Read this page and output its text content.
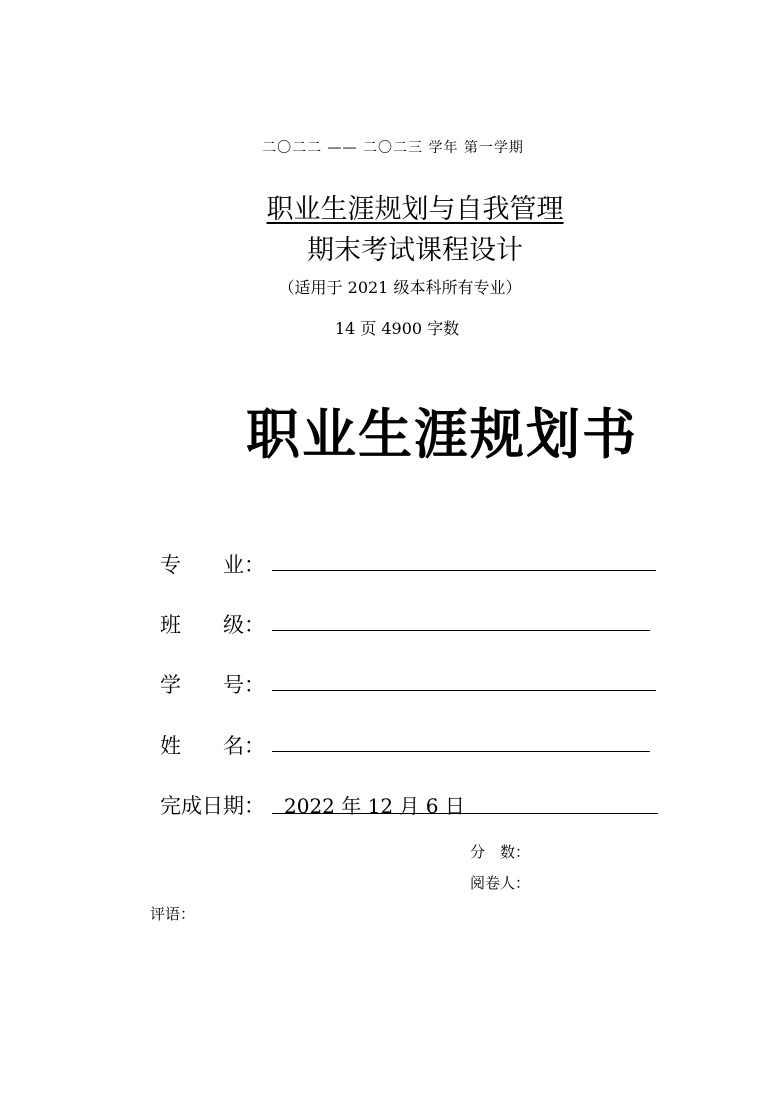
二〇二二 —— 二〇二三 学年 第一学期
职业生涯规划与自我管理
期末考试课程设计
（适用于 2021 级本科所有专业）
14 页 4900 字数
职业生涯规划书
专　　业：
班　　级：
学　　号：
姓　　名：
完成日期： 2022 年 12 月 6 日
分　数：
阅卷人：
评语：
